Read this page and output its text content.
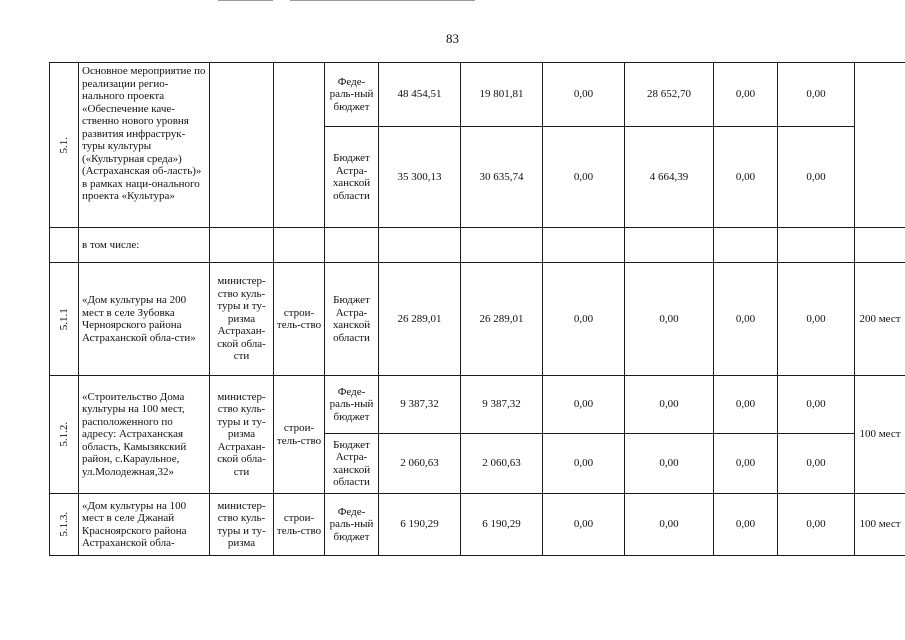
83
5.1.	Основное мероприятие по реализации регио-нального проекта «Обеспечение каче-ственно нового уровня развития инфраструк-туры культуры («Культурная среда») (Астраханская об-ласть)» в рамках наци-онального проекта «Культура»			Феде-раль-ный бюджет	48 454,51	19 801,81	0,00	28 652,70	0,00	0,00	
				Бюджет Астра-ханской области	35 300,13	30 635,74	0,00	4 664,39	0,00	0,00	
	в том числе:										
5.1.1	«Дом культуры на 200 мест в селе Зубовка Черноярского района Астраханской обла-сти»	министер-ство куль-туры и ту-ризма Астрахан-ской обла-сти	строи-тель-ство	Бюджет Астра-ханской области	26 289,01	26 289,01	0,00	0,00	0,00	0,00	200 мест
5.1.2.	«Строительство Дома культуры на 100 мест, расположенного по адресу: Астраханская область, Камызякский район, с.Караульное, ул.Молодежная,32»	министер-ство куль-туры и ту-ризма Астрахан-ской обла-сти	строи-тель-ство	Феде-раль-ный бюджет	9 387,32	9 387,32	0,00	0,00	0,00	0,00	100 мест
				Бюджет Астра-ханской области	2 060,63	2 060,63	0,00	0,00	0,00	0,00	
5.1.3.	«Дом культуры на 100 мест в селе Джанай Красноярского района Астраханской обла-	министер-ство куль-туры и ту-ризма	строи-тель-ство	Феде-раль-ный бюджет	6 190,29	6 190,29	0,00	0,00	0,00	0,00	100 мест
